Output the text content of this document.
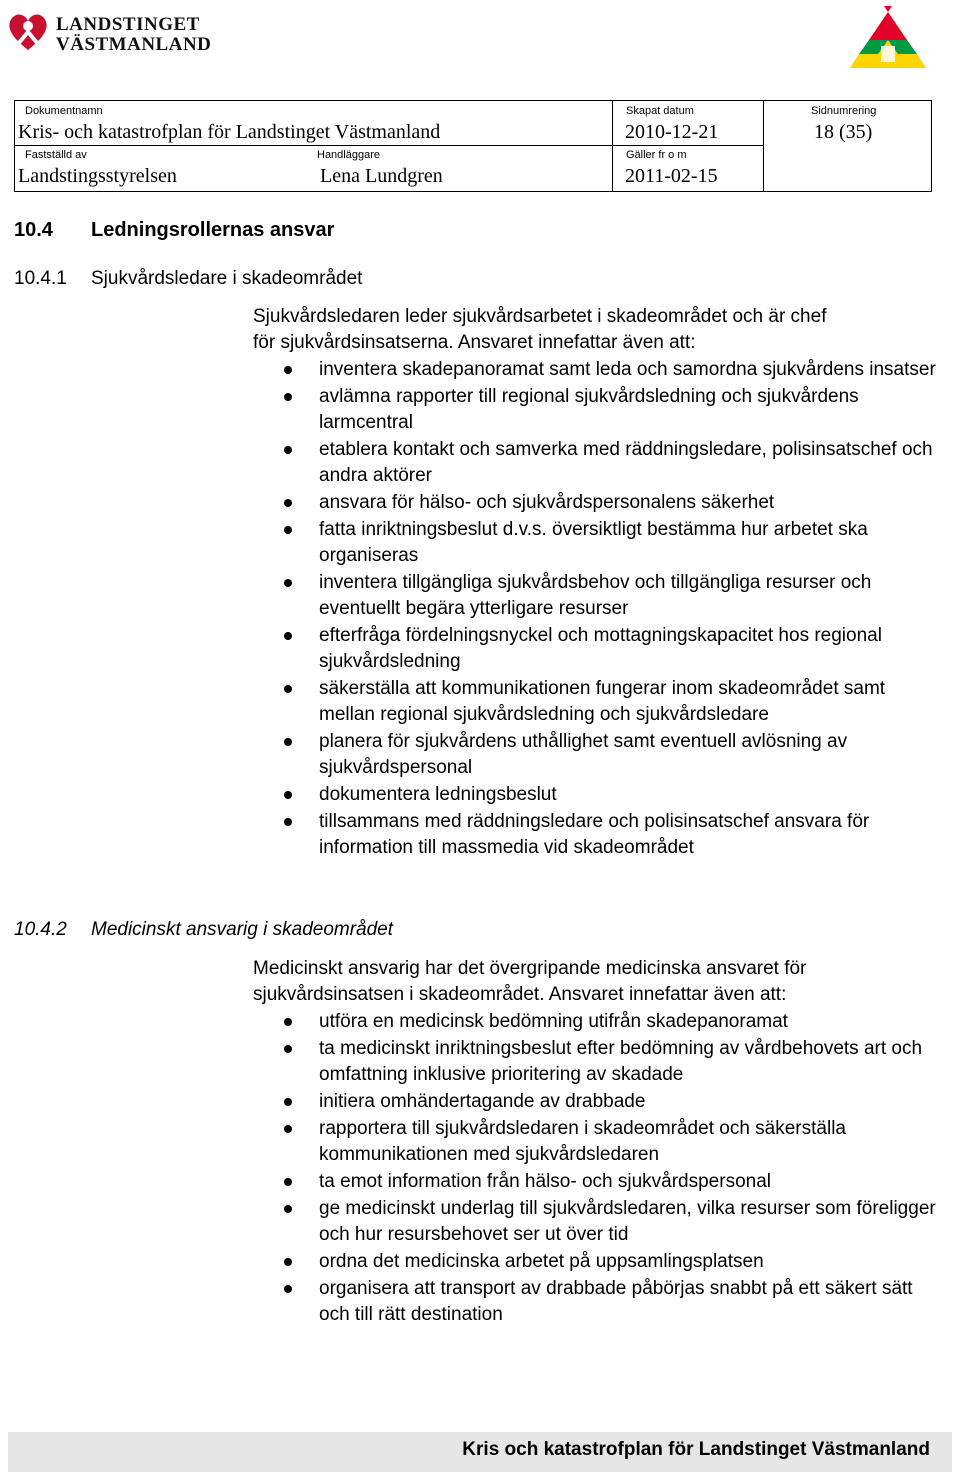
LANDSTINGET
VÄSTMANLAND
Dokumentnamn
Kris- och katastrofplan för Landstinget Västmanland
Skapat datum
2010-12-21
Sidnumrering
18 (35)
Fastställd av
Landstingsstyrelsen
Handläggare
Lena Lundgren
Gäller fr o m
2011-02-15
10.4 Ledningsrollernas ansvar
10.4.1 Sjukvårdsledare i skadeområdet
Sjukvårdsledaren leder sjukvårdsarbetet i skadeområdet och är chef
för sjukvårdsinsatserna. Ansvaret innefattar även att:
inventera skadepanoramat samt leda och samordna sjukvårdens insatser
avlämna rapporter till regional sjukvårdsledning och sjukvårdens larmcentral
etablera kontakt och samverka med räddningsledare, polisinsatschef och andra aktörer
ansvara för hälso- och sjukvårdspersonalens säkerhet
fatta inriktningsbeslut d.v.s. översiktligt bestämma hur arbetet ska organiseras
inventera tillgängliga sjukvårdsbehov och tillgängliga resurser och eventuellt begära ytterligare resurser
efterfråga fördelningsnyckel och mottagningskapacitet hos regional sjukvårdsledning
säkerställa att kommunikationen fungerar inom skadeområdet samt mellan regional sjukvårdsledning och sjukvårdsledare
planera för sjukvårdens uthållighet samt eventuell avlösning av sjukvårdspersonal
dokumentera ledningsbeslut
tillsammans med räddningsledare och polisinsatschef ansvara för information till massmedia vid skadeområdet
10.4.2 Medicinskt ansvarig i skadeområdet
Medicinskt ansvarig har det övergripande medicinska ansvaret för
sjukvårdsinsatsen i skadeområdet. Ansvaret innefattar även att:
utföra en medicinsk bedömning utifrån skadepanoramat
ta medicinskt inriktningsbeslut efter bedömning av vårdbehovets art och omfattning inklusive prioritering av skadade
initiera omhändertagande av drabbade
rapportera till sjukvårdsledaren i skadeområdet och säkerställa kommunikationen med sjukvårdsledaren
ta emot information från hälso- och sjukvårdspersonal
ge medicinskt underlag till sjukvårdsledaren, vilka resurser som föreligger och hur resursbehovet ser ut över tid
ordna det medicinska arbetet på uppsamlingsplatsen
organisera att transport av drabbade påbörjas snabbt på ett säkert sätt och till rätt destination
Kris och katastrofplan för Landstinget Västmanland
